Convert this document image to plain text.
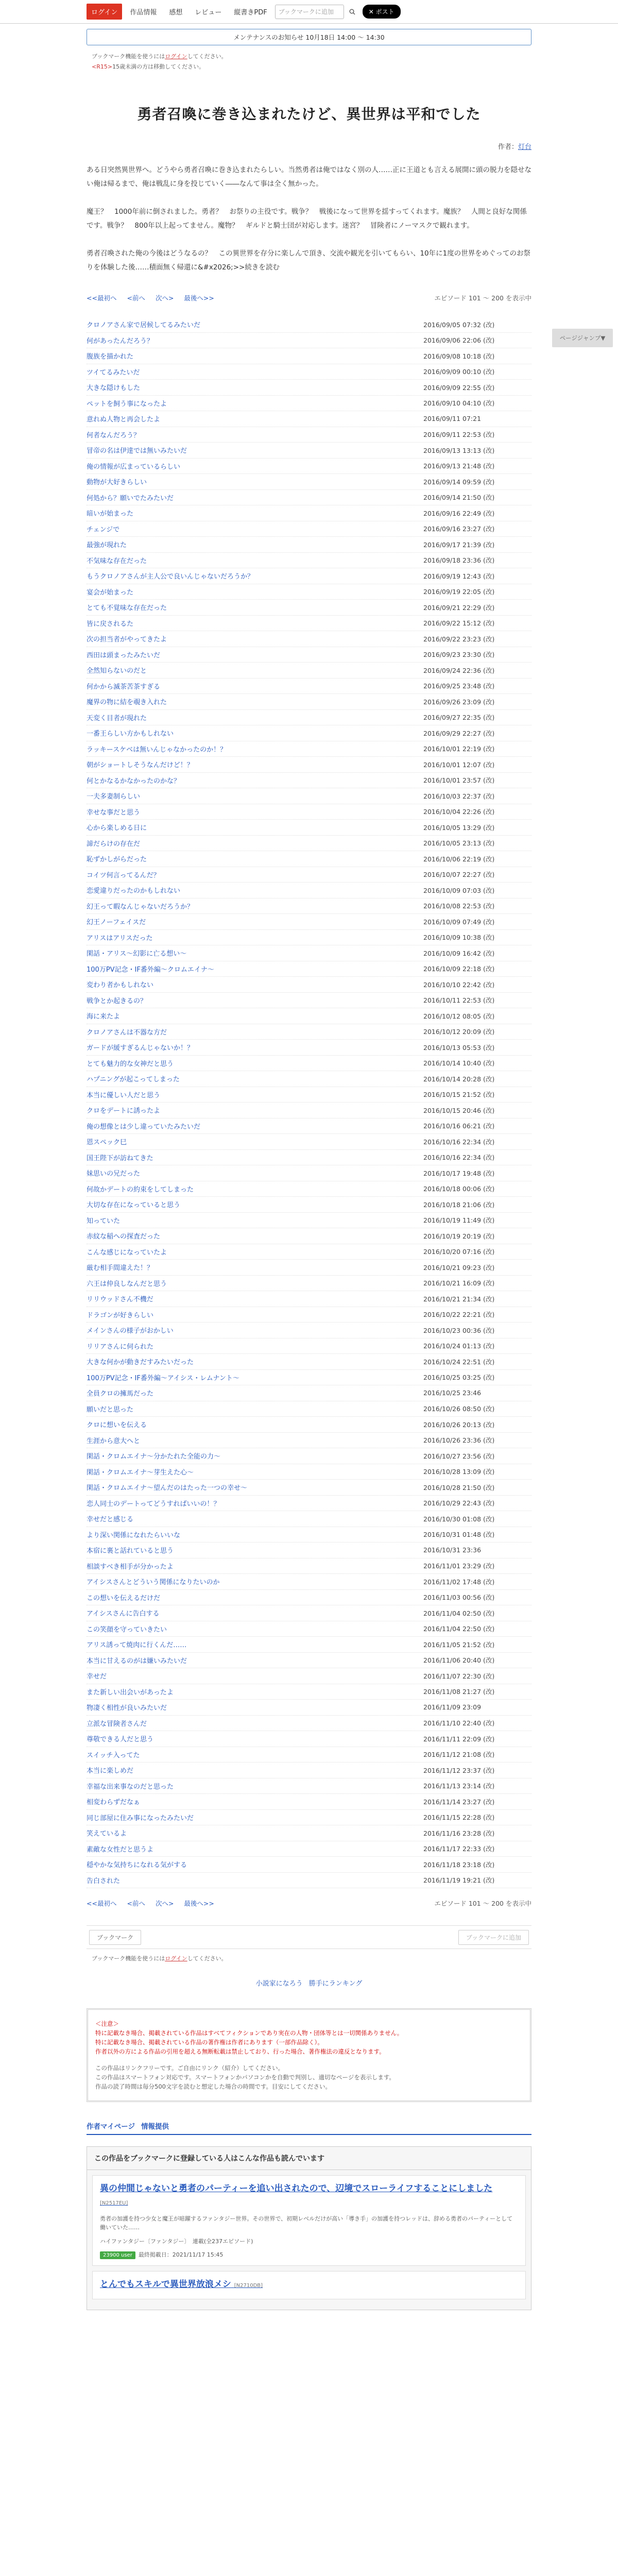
ログイン	作品情報	感想	レビュー	縦書きPDF	ブックマークに追加	✕ ポスト
ページジャンプ▼
メンテナンスのお知らせ 10月18日 14:00 〜 14:30
ブックマーク機能を使うにはログインしてください。
<R15>15歳未満の方は移動してください。
勇者召喚に巻き込まれたけど、異世界は平和でした
作者：灯台

ある日突然異世界へ。どうやら勇者召喚に巻き込まれたらしい。当然勇者は俺ではなく別の人……正に王道とも言える展開に頭の脱力を隠せない俺は帰るまで、俺は戦乱に身を投じていく――なんて事は全く無かった。

魔王？　1000年前に倒されました。勇者？　お祭りの主役です。戦争？　戦後になって世界を揺すってくれます。魔族？　人間と良好な関係です。戦争？　800年以上起ってません。魔物？　ギルドと騎士団が対応します。迷宮？　冒険者にノーマスクで観れます。

勇者召喚された俺の今後はどうなるの？　この異世界を存分に楽しんで頂き、交流や観光を引いてもらい、10年に1度の世界をめぐってのお祭りを体験した後……積面無く帰還に&#x2026;>>続きを読む

<<最初へ <前へ 次へ> 最後へ>>	エピソード 101 〜 200 を表示中
クロノアさん家で居候してるみたいだ	2016/09/05 07:32 (改)
何があったんだろう？	2016/09/06 22:06 (改)
腹族を描かれた	2016/09/08 10:18 (改)
ツイてるみたいだ	2016/09/09 00:10 (改)
大きな隠けもした	2016/09/09 22:55 (改)
ペットを飼う事になったよ	2016/09/10 04:10 (改)
意れぬ人物と再会したよ	2016/09/11 07:21
何者なんだろう？	2016/09/11 22:53 (改)
冒帝の名は伊達では無いみたいだ	2016/09/13 13:13 (改)
俺の情報が広まっているらしい	2016/09/13 21:48 (改)
動物が大好きらしい	2016/09/14 09:59 (改)
何処から？願いでたみたいだ	2016/09/14 21:50 (改)
暗いが始まった	2016/09/16 22:49 (改)
チェンジで	2016/09/16 23:27 (改)
最強が現れた	2016/09/17 21:39 (改)
不気味な存在だった	2016/09/18 23:36 (改)
もうクロノアさんが主人公で良いんじゃないだろうか？	2016/09/19 12:43 (改)
宴会が始まった	2016/09/19 22:05 (改)
とても不覚味な存在だった	2016/09/21 22:29 (改)
皆に戻されるた	2016/09/22 15:12 (改)
次の担当者がやってきたよ	2016/09/22 23:23 (改)
西田は頭まったみたいだ	2016/09/23 23:30 (改)
全然知らないのだと	2016/09/24 22:36 (改)
何かから滅茶苦茶すぎる	2016/09/25 23:48 (改)
魔界の物に結を覗き入れた	2016/09/26 23:09 (改)
天変く目者が現れた	2016/09/27 22:35 (改)
一番王らしい方かもしれない	2016/09/29 22:27 (改)
ラッキースケベは無いんじゃなかったのか！？	2016/10/01 22:19 (改)
朝がショートしそうなんだけど！？	2016/10/01 12:07 (改)
何とかなるかなかったのかな？	2016/10/01 23:57 (改)
一夫多妻制らしい	2016/10/03 22:37 (改)
幸せな事だと思う	2016/10/04 22:26 (改)
心から楽しめる日に	2016/10/05 13:29 (改)
諦だらけの存在だ	2016/10/05 23:13 (改)
恥ずかしがらだった	2016/10/06 22:19 (改)
コイツ何言ってるんだ？	2016/10/07 22:27 (改)
恋愛違りだったのかもしれない	2016/10/09 07:03 (改)
幻王って暇なんじゃないだろうか？	2016/10/08 22:53 (改)
幻王ノーフェイスだ	2016/10/09 07:49 (改)
アリスはアリスだった	2016/10/09 10:38 (改)
閑話・アリス～幻影に亡る想い～	2016/10/09 16:42 (改)
100万PV記念・IF番外編～クロムエイナ～	2016/10/09 22:18 (改)
変わり者かもしれない	2016/10/10 22:42 (改)
戦争とか起きるの？	2016/10/11 22:53 (改)
海に来たよ	2016/10/12 08:05 (改)
クロノアさんは不器な方だ	2016/10/12 20:09 (改)
ガードが緩すぎるんじゃないか！？	2016/10/13 05:53 (改)
とても魅力的な女神だと思う	2016/10/14 10:40 (改)
ハプニングが起こってしまった	2016/10/14 20:28 (改)
本当に優しい人だと思う	2016/10/15 21:52 (改)
クロをデートに誘ったよ	2016/10/15 20:46 (改)
俺の想像とは少し違っていたみたいだ	2016/10/16 06:21 (改)
恩スペック巳	2016/10/16 22:34 (改)
国王陛下が訪ねてきた	2016/10/16 22:34 (改)
妹思いの兄だった	2016/10/17 19:48 (改)
何故かデートの約束をしてしまった	2016/10/18 00:06 (改)
大切な存在になっていると思う	2016/10/18 21:06 (改)
知っていた	2016/10/19 11:49 (改)
赤紋な稲への探査だった	2016/10/19 20:19 (改)
こんな感じになっていたよ	2016/10/20 07:16 (改)
厳む相手間違えた！？	2016/10/21 09:23 (改)
六王は仲良しなんだと思う	2016/10/21 16:09 (改)
リリウッドさん不機だ	2016/10/21 21:34 (改)
ドラゴンが好きらしい	2016/10/22 22:21 (改)
メインさんの様子がおかしい	2016/10/23 00:36 (改)
リリアさんに伺られた	2016/10/24 01:13 (改)
大きな何かが動きだすみたいだった	2016/10/24 22:51 (改)
100万PV記念・IF番外編～アイシス・レムナント～	2016/10/25 03:25 (改)
全員クロの擁馬だった	2016/10/25 23:46
願いだと思った	2016/10/26 08:50 (改)
クロに想いを伝える	2016/10/26 20:13 (改)
生涯から意大へと	2016/10/26 23:36 (改)
閑話・クロムエイナ～分かたれた全能の力～	2016/10/27 23:56 (改)
閑話・クロムエイナ～芽生えた心～	2016/10/28 13:09 (改)
閑話・クロムエイナ～望んだのはたった一つの幸せ～	2016/10/28 21:50 (改)
恋人同士のデートってどうすればいいの！？	2016/10/29 22:43 (改)
幸せだと感じる	2016/10/30 01:08 (改)
より深い関係になれたらいいな	2016/10/31 01:48 (改)
本宿に裏と話れていると思う	2016/10/31 23:36
相談すべき相手が分かったよ	2016/11/01 23:29 (改)
アイシスさんとどういう関係になりたいのか	2016/11/02 17:48 (改)
この想いを伝えるだけだ	2016/11/03 00:56 (改)
アイシスさんに告白する	2016/11/04 02:50 (改)
この笑顔を守っていきたい	2016/11/04 22:50 (改)
アリス誘って焼肉に行くんだ……	2016/11/05 21:52 (改)
本当に甘えるのがは嫌いみたいだ	2016/11/06 20:40 (改)
幸せだ	2016/11/07 22:30 (改)
また新しい出会いがあったよ	2016/11/08 21:27 (改)
物凄く相性が良いみたいだ	2016/11/09 23:09
立派な冒険者さんだ	2016/11/10 22:40 (改)
尊敬できる人だと思う	2016/11/11 22:09 (改)
スイッチ入ってた	2016/11/12 21:08 (改)
本当に楽しめだ	2016/11/12 23:37 (改)
幸福な出来事なのだと思った	2016/11/13 23:14 (改)
相変わらずだなぁ	2016/11/14 23:27 (改)
同じ部屋に住み事になったみたいだ	2016/11/15 22:28 (改)
笑えているよ	2016/11/16 23:28 (改)
素敵な女性だと思うよ	2016/11/17 22:33 (改)
穏やかな気持ちになれる気がする	2016/11/18 23:18 (改)
告白された	2016/11/19 19:21 (改)
<<最初へ <前へ 次へ> 最後へ>>	エピソード 101 〜 200 を表示中
ブックマーク	ブックマークに追加
ブックマーク機能を使うにはログインしてください。
小説家になろう 勝手にランキング
＜注意＞
特に記載なき場合、掲載されている作品はすべてフィクションであり実在の人物・団体等とは一切関係ありません。
特に記載なき場合、掲載されている作品の著作権は作者にあります（一部作品除く）。
作者以外の方による作品の引用を超える無断転載は禁止しており、行った場合、著作権法の違反となります。
この作品はリンクフリーです。ご自由にリンク（紹介）してください。
この作品はスマートフォン対応です。スマートフォンかパソコンかを自動で判別し、適切なページを表示します。
作品の読了時間は毎分500文字を読むと想定した場合の時間です。目安にしてください。
作者マイページ 情報提供
この作品をブックマークに登録している人はこんな作品も読んでいます
異の仲間じゃないと勇者のパーティーを追い出されたので、辺境でスローライフすることにしました [N2517EU]
勇者の加護を持つ少女と魔王が暗躍するファンタジー世界。その世界で、初期レベルだけが高い「導き手」の加護を持つレッドは、辞める勇者のパーティーとして働いていた……
ハイファンタジー〔ファンタジー〕　 連載(全237エピソード)
23900 user 最終掲載日：2021/11/17 15:45
とんでもスキルで異世界放浪メシ [N2710DB]
